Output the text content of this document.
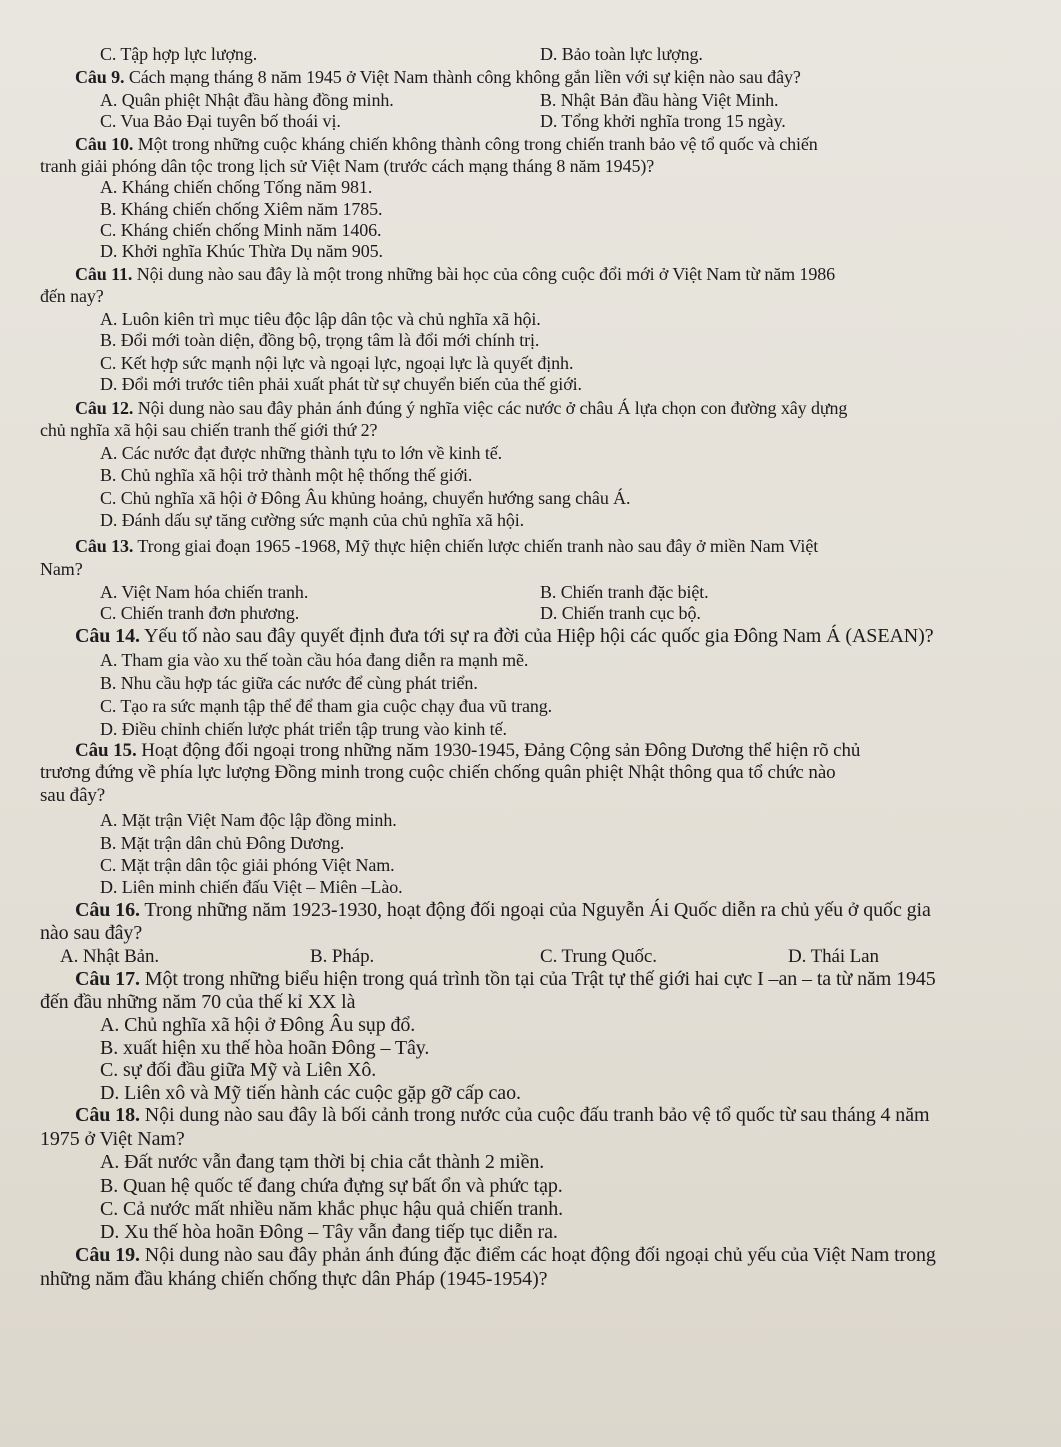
C. Tập hợp lực lượng.	D. Bảo toàn lực lượng.
Câu 9. Cách mạng tháng 8 năm 1945 ở Việt Nam thành công không gắn liền với sự kiện nào sau đây?
A. Quân phiệt Nhật đầu hàng đồng minh.	B. Nhật Bản đầu hàng Việt Minh.
C. Vua Bảo Đại tuyên bố thoái vị.	D. Tổng khởi nghĩa trong 15 ngày.
Câu 10. Một trong những cuộc kháng chiến không thành công trong chiến tranh bảo vệ tổ quốc và chiến
tranh giải phóng dân tộc trong lịch sử Việt Nam (trước cách mạng tháng 8 năm 1945)?
A. Kháng chiến chống Tống năm 981.
B. Kháng chiến chống Xiêm năm 1785.
C. Kháng chiến chống Minh năm 1406.
D. Khởi nghĩa Khúc Thừa Dụ năm 905.
Câu 11. Nội dung nào sau đây là một trong những bài học của công cuộc đổi mới ở Việt Nam từ năm 1986
đến nay?
A. Luôn kiên trì mục tiêu độc lập dân tộc và chủ nghĩa xã hội.
B. Đổi mới toàn diện, đồng bộ, trọng tâm là đổi mới chính trị.
C. Kết hợp sức mạnh nội lực và ngoại lực, ngoại lực là quyết định.
D. Đổi mới trước tiên phải xuất phát từ sự chuyển biến của thế giới.
Câu 12. Nội dung nào sau đây phản ánh đúng ý nghĩa việc các nước ở châu Á lựa chọn con đường xây dựng
chủ nghĩa xã hội sau chiến tranh thế giới thứ 2?
A. Các nước đạt được những thành tựu to lớn về kinh tế.
B. Chủ nghĩa xã hội trở thành một hệ thống thế giới.
C. Chủ nghĩa xã hội ở Đông Âu khủng hoảng, chuyển hướng sang châu Á.
D. Đánh dấu sự tăng cường sức mạnh của chủ nghĩa xã hội.
Câu 13. Trong giai đoạn 1965 -1968, Mỹ thực hiện chiến lược chiến tranh nào sau đây ở miền Nam Việt
Nam?
A. Việt Nam hóa chiến tranh.	B. Chiến tranh đặc biệt.
C. Chiến tranh đơn phương.	D. Chiến tranh cục bộ.
Câu 14. Yếu tố nào sau đây quyết định đưa tới sự ra đời của Hiệp hội các quốc gia Đông Nam Á (ASEAN)?
A. Tham gia vào xu thế toàn cầu hóa đang diễn ra mạnh mẽ.
B. Nhu cầu hợp tác giữa các nước để cùng phát triển.
C. Tạo ra sức mạnh tập thể để tham gia cuộc chạy đua vũ trang.
D. Điều chỉnh chiến lược phát triển tập trung vào kinh tế.
Câu 15. Hoạt động đối ngoại trong những năm 1930-1945, Đảng Cộng sản Đông Dương thể hiện rõ chủ
trương đứng về phía lực lượng Đồng minh trong cuộc chiến chống quân phiệt Nhật thông qua tổ chức nào
sau đây?
A. Mặt trận Việt Nam độc lập đồng minh.
B. Mặt trận dân chủ Đông Dương.
C. Mặt trận dân tộc giải phóng Việt Nam.
D. Liên minh chiến đấu Việt – Miên –Lào.
Câu 16. Trong những năm 1923-1930, hoạt động đối ngoại của Nguyễn Ái Quốc diễn ra chủ yếu ở quốc gia
nào sau đây?
A. Nhật Bản.	B. Pháp.	C. Trung Quốc.	D. Thái Lan
Câu 17. Một trong những biểu hiện trong quá trình tồn tại của Trật tự thế giới hai cực I –an – ta từ năm 1945
đến đầu những năm 70 của thế kỉ XX là
A. Chủ nghĩa xã hội ở Đông Âu sụp đổ.
B. xuất hiện xu thế hòa hoãn Đông – Tây.
C. sự đối đầu giữa Mỹ và Liên Xô.
D. Liên xô và Mỹ tiến hành các cuộc gặp gỡ cấp cao.
Câu 18. Nội dung nào sau đây là bối cảnh trong nước của cuộc đấu tranh bảo vệ tổ quốc từ sau tháng 4 năm
1975 ở Việt Nam?
A. Đất nước vẫn đang tạm thời bị chia cắt thành 2 miền.
B. Quan hệ quốc tế đang chứa đựng sự bất ổn và phức tạp.
C. Cả nước mất nhiều năm khắc phục hậu quả chiến tranh.
D. Xu thế hòa hoãn Đông – Tây vẫn đang tiếp tục diễn ra.
Câu 19. Nội dung nào sau đây phản ánh đúng đặc điểm các hoạt động đối ngoại chủ yếu của Việt Nam trong
những năm đầu kháng chiến chống thực dân Pháp (1945-1954)?
